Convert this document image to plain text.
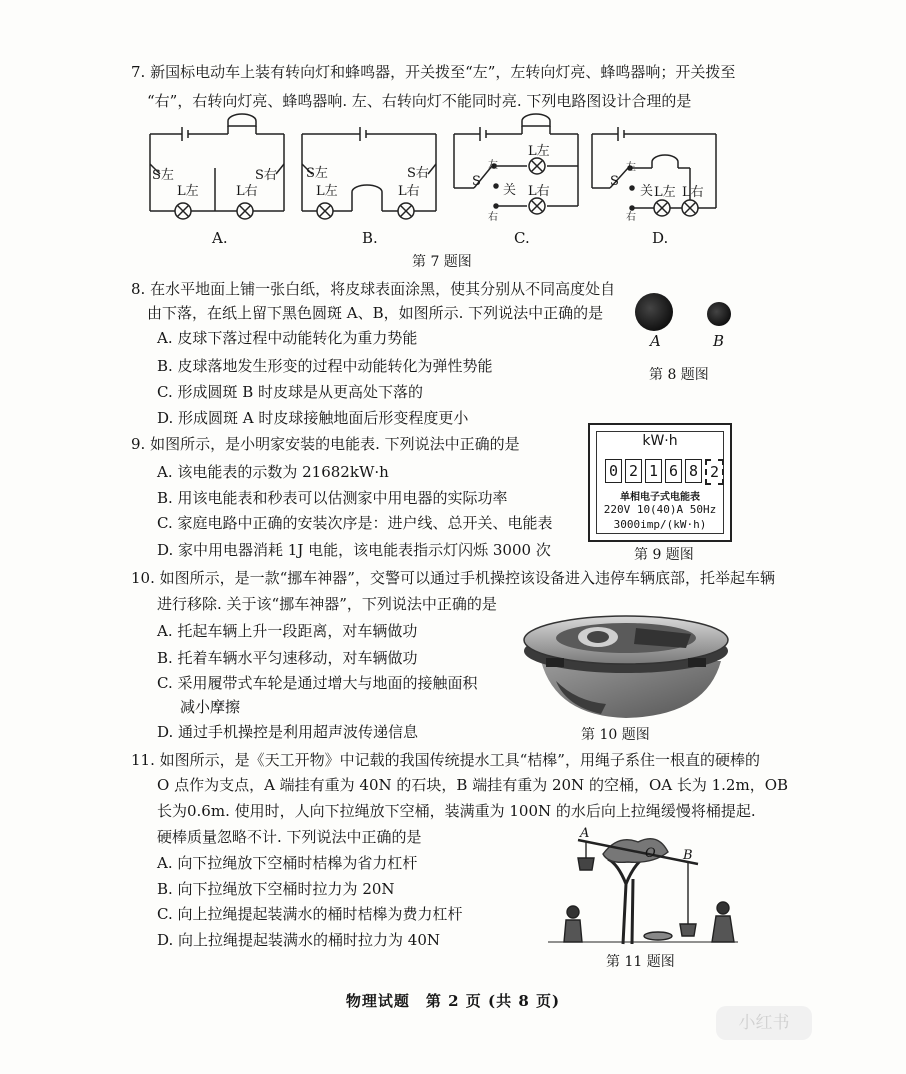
7. 新国标电动车上装有转向灯和蜂鸣器，开关拨至“左”，左转向灯亮、蜂鸣器响；开关拨至
“右”，右转向灯亮、蜂鸣器响. 左、右转向灯不能同时亮. 下列电路图设计合理的是
S左	S右
L左	L右
A.
S左	S右
L左	L右
B.
S
左
关
右
L左
L右
C.
S
左
关
右
L左 L右
D.
第 7 题图
8. 在水平地面上铺一张白纸，将皮球表面涂黑，使其分别从不同高度处自
由下落，在纸上留下黑色圆斑 A、B，如图所示. 下列说法中正确的是
A. 皮球下落过程中动能转化为重力势能
B. 皮球落地发生形变的过程中动能转化为弹性势能
C. 形成圆斑 B 时皮球是从更高处下落的
D. 形成圆斑 A 时皮球接触地面后形变程度更小
A	B
第 8 题图
9. 如图所示，是小明家安装的电能表. 下列说法中正确的是
A. 该电能表的示数为 21682kW·h
B. 用该电能表和秒表可以估测家中用电器的实际功率
C. 家庭电路中正确的安装次序是：进户线、总开关、电能表
D. 家中用电器消耗 1J 电能，该电能表指示灯闪烁 3000 次
kW·h
0 2 1 6 8 2
单相电子式电能表
220V 10(40)A 50Hz
3000imp/(kW·h)
第 9 题图
10. 如图所示，是一款“挪车神器”，交警可以通过手机操控该设备进入违停车辆底部，托举起车辆
进行移除. 关于该“挪车神器”，下列说法中正确的是
A. 托起车辆上升一段距离，对车辆做功
B. 托着车辆水平匀速移动，对车辆做功
C. 采用履带式车轮是通过增大与地面的接触面积
减小摩擦
D. 通过手机操控是利用超声波传递信息	第 10 题图
11. 如图所示，是《天工开物》中记载的我国传统提水工具“桔槔”，用绳子系住一根直的硬棒的
O 点作为支点，A 端挂有重为 40N 的石块，B 端挂有重为 20N 的空桶，OA 长为 1.2m，OB
长为0.6m. 使用时，人向下拉绳放下空桶，装满重为 100N 的水后向上拉绳缓慢将桶提起.
硬棒质量忽略不计. 下列说法中正确的是
A. 向下拉绳放下空桶时桔槔为省力杠杆
B. 向下拉绳放下空桶时拉力为 20N
C. 向上拉绳提起装满水的桶时桔槔为费力杠杆
D. 向上拉绳提起装满水的桶时拉力为 40N
A
O B
第 11 题图
物理试题　第 2 页 (共 8 页)
小红书
